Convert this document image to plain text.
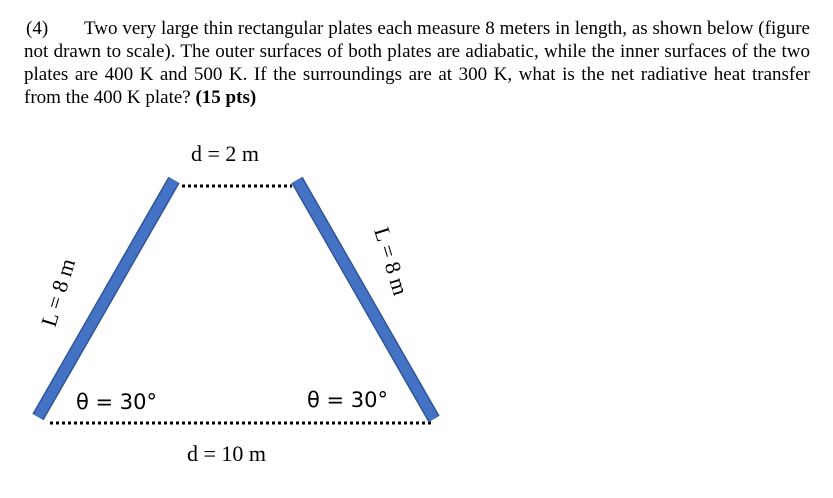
(4) Two very large thin rectangular plates each measure 8 meters in length, as shown below (figure not drawn to scale). The outer surfaces of both plates are adiabatic, while the inner surfaces of the two plates are 400 K and 500 K. If the surroundings are at 300 K, what is the net radiative heat transfer from the 400 K plate? (15 pts)
d = 2 m
d = 10 m
L = 8 m	L = 8 m
θ = 30°	θ = 30°
